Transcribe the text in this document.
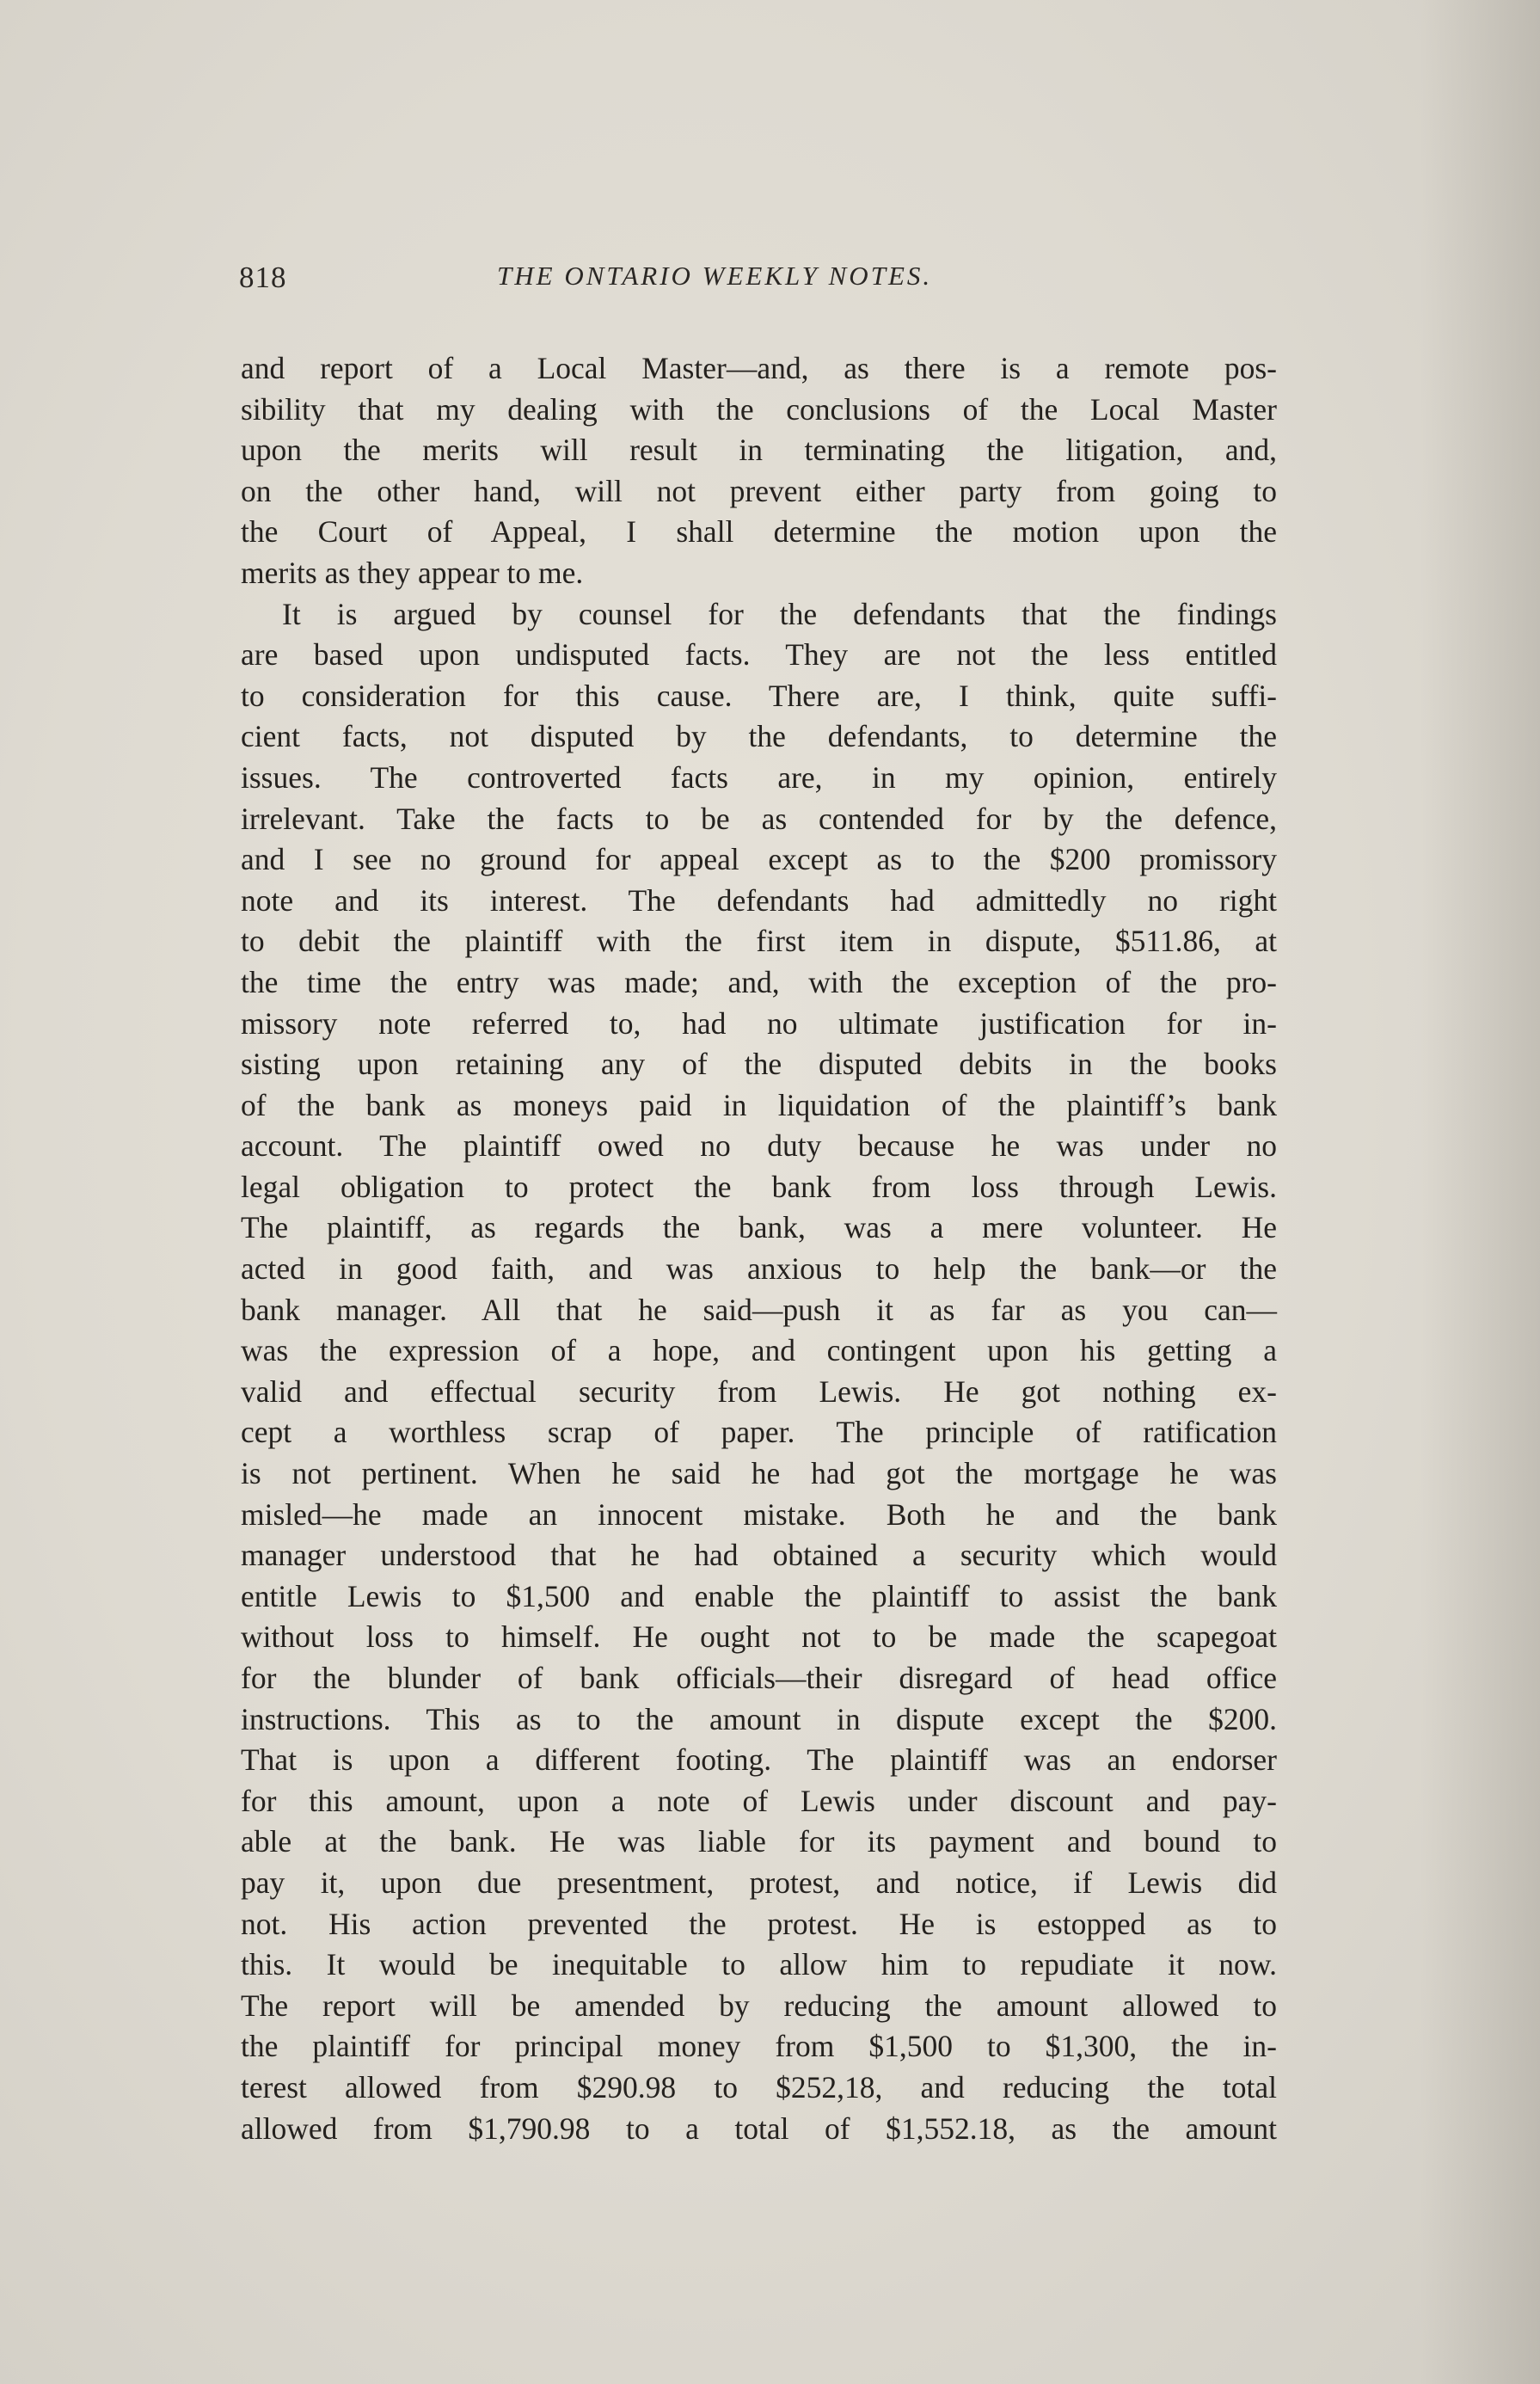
818	THE ONTARIO WEEKLY NOTES.
and report of a Local Master—and, as there is a remote pos-
sibility that my dealing with the conclusions of the Local Master
upon the merits will result in terminating the litigation, and,
on the other hand, will not prevent either party from going to
the Court of Appeal, I shall determine the motion upon the
merits as they appear to me.
It is argued by counsel for the defendants that the findings
are based upon undisputed facts. They are not the less entitled
to consideration for this cause. There are, I think, quite suffi-
cient facts, not disputed by the defendants, to determine the
issues. The controverted facts are, in my opinion, entirely
irrelevant. Take the facts to be as contended for by the defence,
and I see no ground for appeal except as to the $200 promissory
note and its interest. The defendants had admittedly no right
to debit the plaintiff with the first item in dispute, $511.86, at
the time the entry was made; and, with the exception of the pro-
missory note referred to, had no ultimate justification for in-
sisting upon retaining any of the disputed debits in the books
of the bank as moneys paid in liquidation of the plaintiff’s bank
account. The plaintiff owed no duty because he was under no
legal obligation to protect the bank from loss through Lewis.
The plaintiff, as regards the bank, was a mere volunteer. He
acted in good faith, and was anxious to help the bank—or the
bank manager. All that he said—push it as far as you can—
was the expression of a hope, and contingent upon his getting a
valid and effectual security from Lewis. He got nothing ex-
cept a worthless scrap of paper. The principle of ratification
is not pertinent. When he said he had got the mortgage he was
misled—he made an innocent mistake. Both he and the bank
manager understood that he had obtained a security which would
entitle Lewis to $1,500 and enable the plaintiff to assist the bank
without loss to himself. He ought not to be made the scapegoat
for the blunder of bank officials—their disregard of head office
instructions. This as to the amount in dispute except the $200.
That is upon a different footing. The plaintiff was an endorser
for this amount, upon a note of Lewis under discount and pay-
able at the bank. He was liable for its payment and bound to
pay it, upon due presentment, protest, and notice, if Lewis did
not. His action prevented the protest. He is estopped as to
this. It would be inequitable to allow him to repudiate it now.
The report will be amended by reducing the amount allowed to
the plaintiff for principal money from $1,500 to $1,300, the in-
terest allowed from $290.98 to $252,18, and reducing the total
allowed from $1,790.98 to a total of $1,552.18, as the amount
